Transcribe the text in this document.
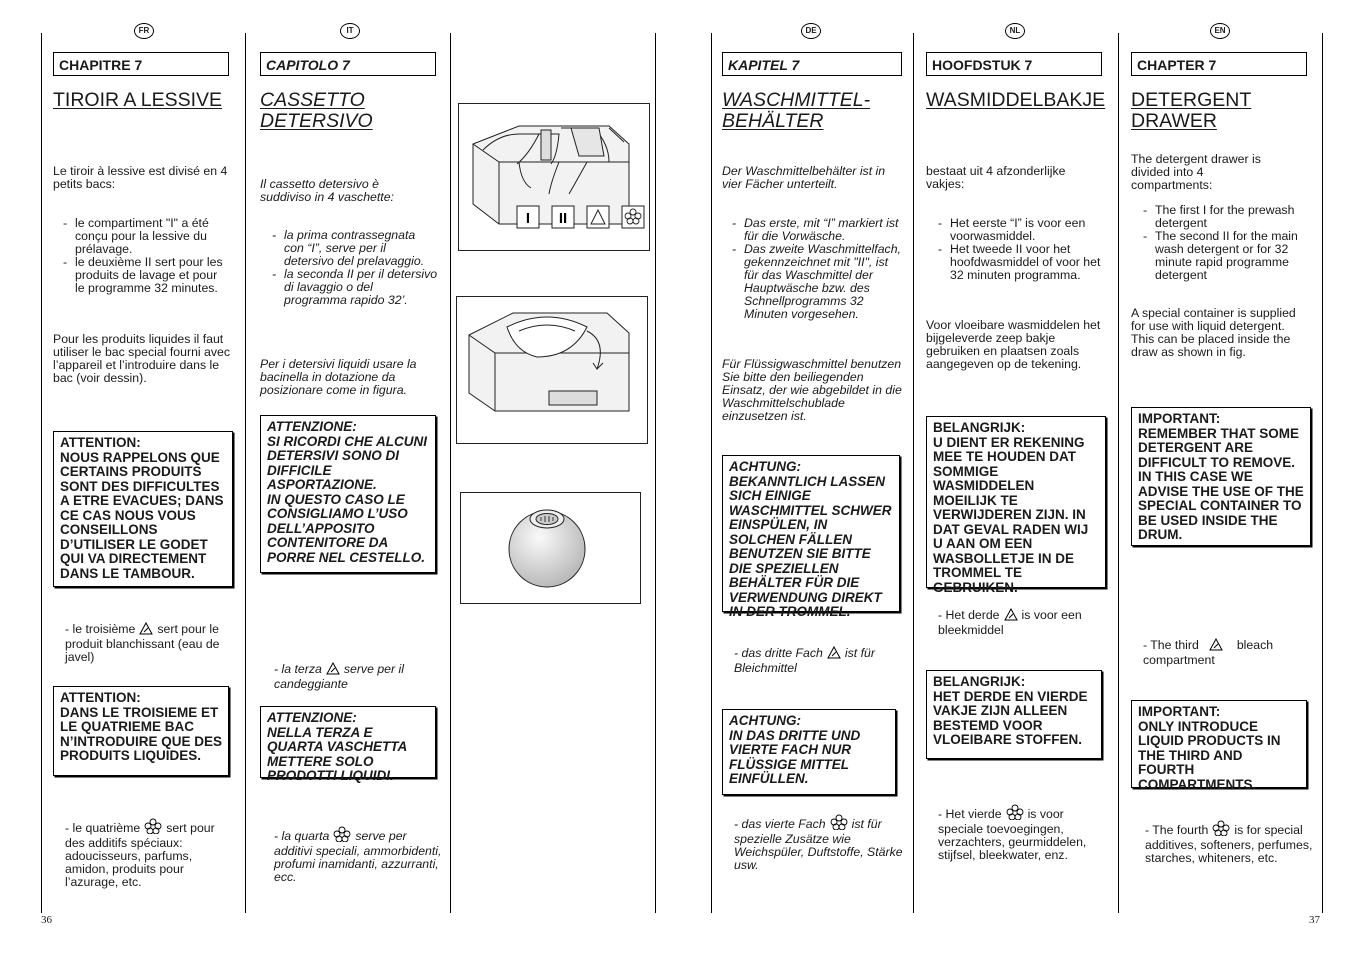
FR	IT	DE	NL	EN
36	37
CHAPITRE 7
TIROIR A LESSIVE
Le tiroir à lessive est divisé en 4 petits bacs:
- le compartiment "I" a été conçu pour la lessive du prélavage.
- le deuxième II sert pour les produits de lavage et pour le programme 32 minutes.
Pour les produits liquides il faut utiliser le bac special fourni avec l’appareil et l’introduire dans le bac (voir dessin).
ATTENTION:
NOUS RAPPELONS QUE CERTAINS PRODUITS SONT DES DIFFICULTES A ETRE EVACUES; DANS CE CAS NOUS VOUS CONSEILLONS D’UTILISER LE GODET QUI VA DIRECTEMENT DANS LE TAMBOUR.
- le troisième sert pour le produit blanchissant (eau de javel)
ATTENTION:
DANS LE TROISIEME ET LE QUATRIEME BAC N’INTRODUIRE QUE DES PRODUITS LIQUIDES.
- le quatrième sert pour des additifs spéciaux: adoucisseurs, parfums, amidon, produits pour l’azurage, etc.
CAPITOLO 7
CASSETTO DETERSIVO
Il cassetto detersivo è suddiviso in 4 vaschette:
- la prima contrassegnata con “I”, serve per il detersivo del prelavaggio.
- la seconda II per il detersivo di lavaggio o del programma rapido 32’.
Per i detersivi liquidi usare la bacinella in dotazione da posizionare come in figura.
ATTENZIONE:
SI RICORDI CHE ALCUNI DETERSIVI SONO DI DIFFICILE ASPORTAZIONE.
IN QUESTO CASO LE CONSIGLIAMO L’USO DELL’APPOSITO CONTENITORE DA PORRE NEL CESTELLO.
- la terza serve per il candeggiante
ATTENZIONE:
NELLA TERZA E QUARTA VASCHETTA METTERE SOLO PRODOTTI LIQUIDI.
- la quarta serve per additivi speciali, ammorbidenti, profumi inamidanti, azzurranti, ecc.
I II
KAPITEL 7
WASCHMITTEL-BEHÄLTER
Der Waschmittelbehälter ist in vier Fächer unterteilt.
- Das erste, mit “I” markiert ist für die Vorwäsche.
- Das zweite Waschmittelfach, gekennzeichnet mit "II", ist für das Waschmittel der Hauptwäsche bzw. des Schnellprogramms 32 Minuten vorgesehen.
Für Flüssigwaschmittel benutzen Sie bitte den beiliegenden Einsatz, der wie abgebildet in die Waschmittelschublade einzusetzen ist.
ACHTUNG:
BEKANNTLICH LASSEN SICH EINIGE WASCHMITTEL SCHWER EINSPÜLEN, IN SOLCHEN FÄLLEN BENUTZEN SIE BITTE DIE SPEZIELLEN BEHÄLTER FÜR DIE VERWENDUNG DIREKT IN DER TROMMEL.
- das dritte Fach ist für Bleichmittel
ACHTUNG:
IN DAS DRITTE UND VIERTE FACH NUR FLÜSSIGE MITTEL EINFÜLLEN.
- das vierte Fach ist für spezielle Zusätze wie Weichspüler, Duftstoffe, Stärke usw.
HOOFDSTUK 7
WASMIDDELBAKJE
bestaat uit 4 afzonderlijke vakjes:
- Het eerste “I” is voor een voorwasmiddel.
- Het tweede II voor het hoofdwasmiddel of voor het 32 minuten programma.
Voor vloeibare wasmiddelen het bijgeleverde zeep bakje gebruiken en plaatsen zoals aangegeven op de tekening.
BELANGRIJK:
U DIENT ER REKENING MEE TE HOUDEN DAT SOMMIGE WASMIDDELEN MOEILIJK TE VERWIJDEREN ZIJN. IN DAT GEVAL RADEN WIJ U AAN OM EEN WASBOLLETJE IN DE TROMMEL TE GEBRUIKEN.
- Het derde is voor een bleekmiddel
BELANGRIJK:
HET DERDE EN VIERDE VAKJE ZIJN ALLEEN BESTEMD VOOR VLOEIBARE STOFFEN.
- Het vierde is voor speciale toevoegingen, verzachters, geurmiddelen, stijfsel, bleekwater, enz.
CHAPTER 7
DETERGENT DRAWER
The detergent drawer is divided into 4 compartments:
- The first I for the prewash detergent
- The second II for the main wash detergent or for 32 minute rapid programme detergent
A special container is supplied for use with liquid detergent. This can be placed inside the draw as shown in fig.
IMPORTANT:
REMEMBER THAT SOME DETERGENT ARE DIFFICULT TO REMOVE. IN THIS CASE WE ADVISE THE USE OF THE SPECIAL CONTAINER TO BE USED INSIDE THE DRUM.
- The third	bleach compartment
IMPORTANT:
ONLY INTRODUCE LIQUID PRODUCTS IN THE THIRD AND FOURTH COMPARTMENTS.
- The fourth is for special additives, softeners, perfumes, starches, whiteners, etc.
